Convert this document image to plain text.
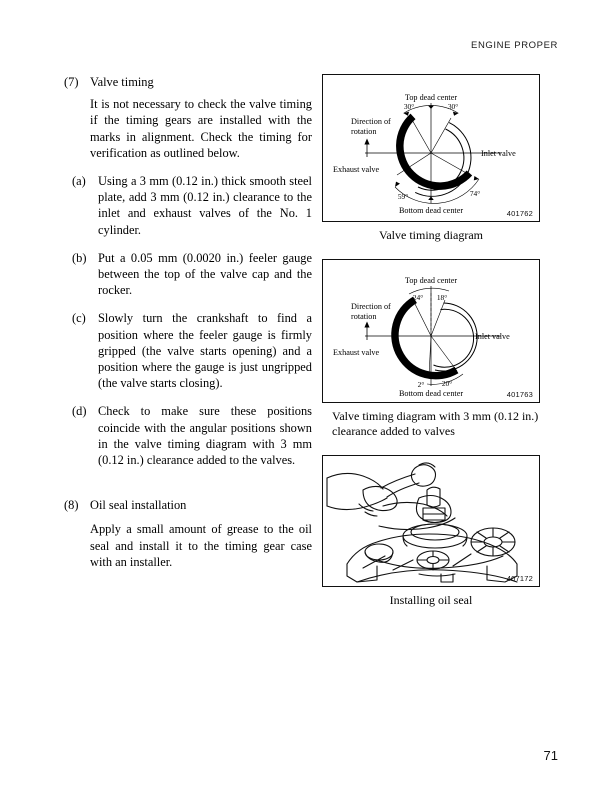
ENGINE PROPER
(7) Valve timing
It is not necessary to check the valve timing if the timing gears are installed with the marks in alignment. Check the timing for verification as outlined below.
(a) Using a 3 mm (0.12 in.) thick smooth steel plate, add 3 mm (0.12 in.) clearance to the inlet and exhaust valves of the No. 1 cylinder.
(b) Put a 0.05 mm (0.0020 in.) feeler gauge between the top of the valve cap and the rocker.
(c) Slowly turn the crankshaft to find a position where the feeler gauge is firmly gripped (the valve starts opening) and a position where the gauge is just ungripped (the valve starts closing).
(d) Check to make sure these positions coincide with the angular positions shown in the valve timing diagram with 3 mm (0.12 in.) clearance added to the valves.
(8) Oil seal installation
Apply a small amount of grease to the oil seal and install it to the timing gear case with an installer.
Top dead center
Bottom dead center
Direction of
rotation
Inlet valve
Exhaust valve
30°	30°
59°	74°
401762
Valve timing diagram
Top dead center
Bottom dead center
Direction of
rotation
Inlet valve
Exhaust valve
24° 18°
2° 20°
401763
Valve timing diagram with 3 mm (0.12 in.) clearance added to valves
407172
Installing oil seal
71
